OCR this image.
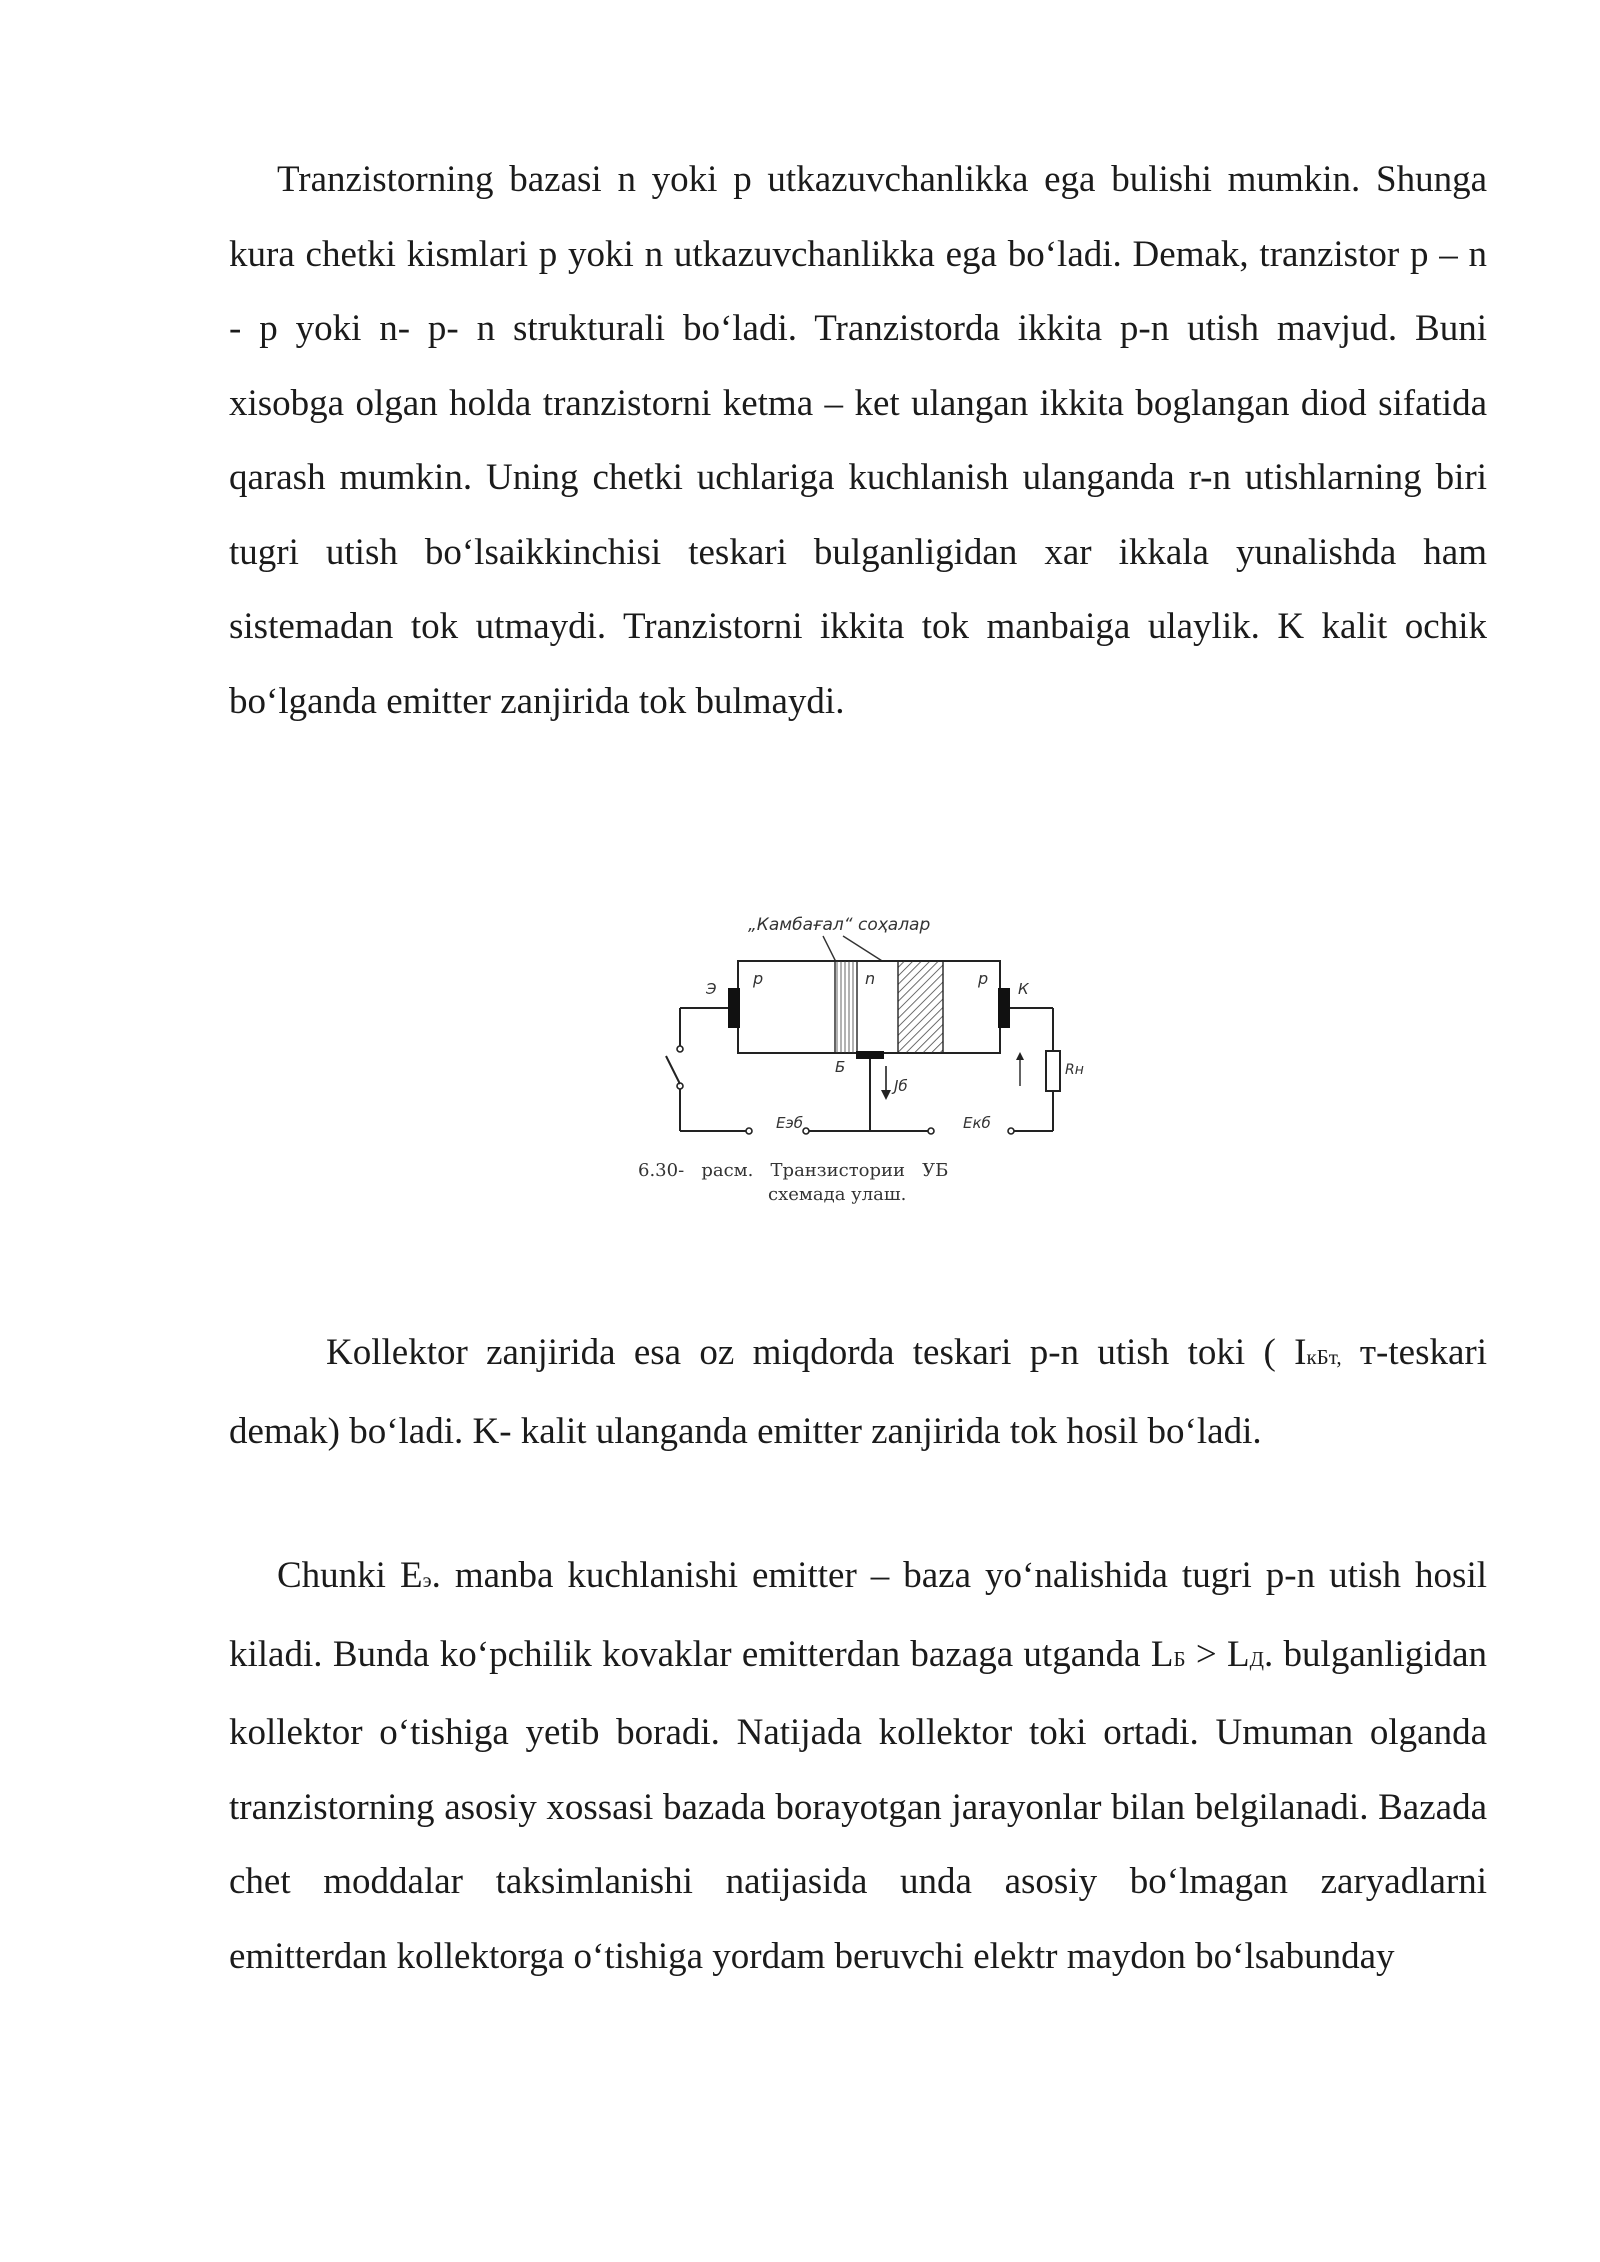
Tranzistorning bazasi n yoki p utkazuvchanlikka ega bulishi mumkin. Shunga kura chetki kismlari p yoki n utkazuvchanlikka ega bo‘ladi. Demak, tranzistor p – n - p yoki n- p- n strukturali bo‘ladi. Tranzistorda ikkita p-n utish mavjud. Buni xisobga olgan holda tranzistorni ketma – ket ulangan ikkita boglangan diod sifatida qarash mumkin. Uning chetki uchlariga kuchlanish ulanganda r-n utishlarning biri tugri utish bo‘lsaikkinchisi teskari bulganligidan xar ikkala yunalishda ham sistemadan tok utmaydi. Tranzistorni ikkita tok manbaiga ulaylik. K kalit ochik bo‘lganda emitter zanjirida tok bulmaydi.

„Камбағал“ соҳалар
p	n	p
Э	К
Б
Eэб
Jб
Rн
Eкб
6.30-   расм.   Транзистории   УБ
схемада улаш.

Kollektor zanjirida esa oz miqdorda teskari p-n utish toki ( IкБт, т-teskari demak) bo‘ladi. K- kalit ulanganda emitter zanjirida tok hosil bo‘ladi.

Chunki Eэ. manba kuchlanishi emitter – baza yo‘nalishida tugri p-n utish hosil kiladi. Bunda ko‘pchilik kovaklar emitterdan bazaga utganda LБ > LД. bulganligidan kollektor o‘tishiga yetib boradi. Natijada kollektor toki ortadi. Umuman olganda tranzistorning asosiy xossasi bazada borayotgan jarayonlar bilan belgilanadi. Bazada chet moddalar taksimlanishi natijasida unda asosiy bo‘lmagan zaryadlarni emitterdan kollektorga o‘tishiga yordam beruvchi elektr maydon bo‘lsabunday
